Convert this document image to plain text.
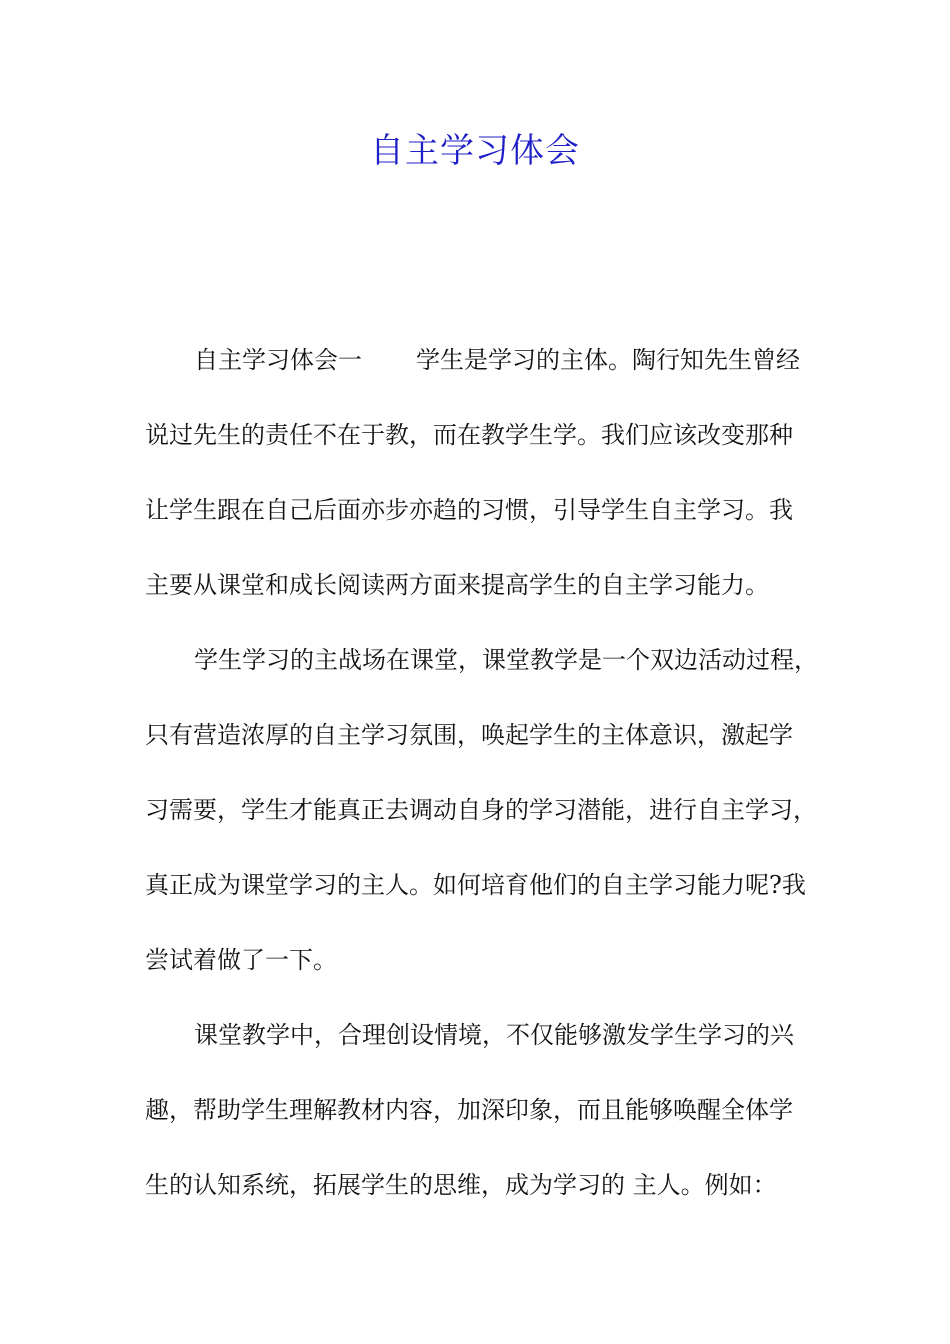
自主学习体会
自主学习体会一 学生是学习的主体。陶行知先生曾经
说过先生的责任不在于教，而在教学生学。我们应该改变那种
让学生跟在自己后面亦步亦趋的习惯，引导学生自主学习。我
主要从课堂和成长阅读两方面来提高学生的自主学习能力。
学生学习的主战场在课堂，课堂教学是一个双边活动过程，
只有营造浓厚的自主学习氛围，唤起学生的主体意识，激起学
习需要，学生才能真正去调动自身的学习潜能，进行自主学习，
真正成为课堂学习的主人。如何培育他们的自主学习能力呢?我
尝试着做了一下。
课堂教学中，合理创设情境，不仅能够激发学生学习的兴
趣，帮助学生理解教材内容，加深印象，而且能够唤醒全体学
生的认知系统，拓展学生的思维，成为学习的 主人。例如：
